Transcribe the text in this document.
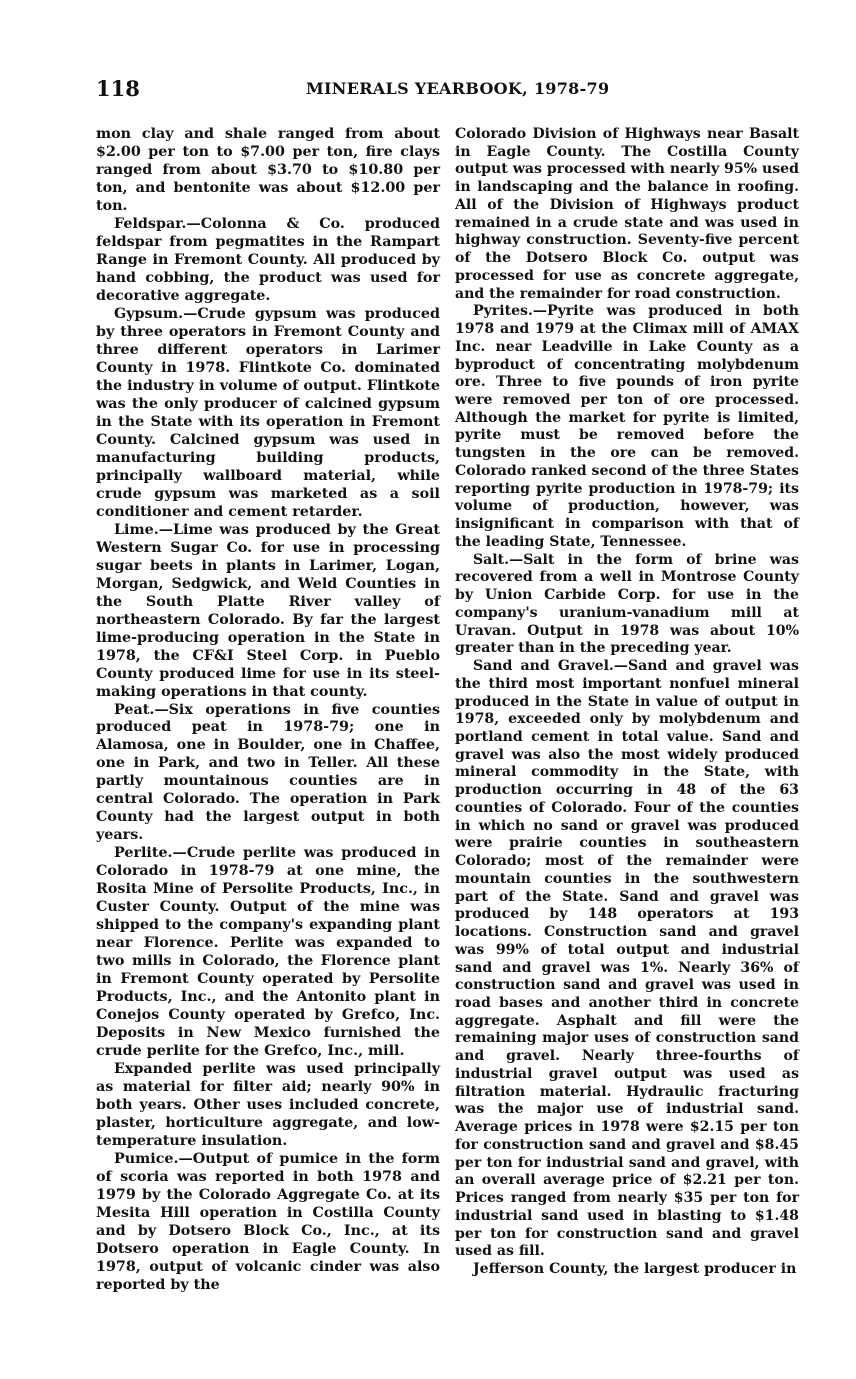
118	MINERALS YEARBOOK, 1978-79

mon clay and shale ranged from about $2.00 per ton to $7.00 per ton, fire clays ranged from about $3.70 to $10.80 per ton, and bentonite was about $12.00 per ton.

Feldspar.—Colonna & Co. produced feldspar from pegmatites in the Rampart Range in Fremont County. All produced by hand cobbing, the product was used for decorative aggregate.

Gypsum.—Crude gypsum was produced by three operators in Fremont County and three different operators in Larimer County in 1978. Flintkote Co. dominated the industry in volume of output. Flintkote was the only producer of calcined gypsum in the State with its operation in Fremont County. Calcined gypsum was used in manufacturing building products, principally wallboard material, while crude gypsum was marketed as a soil conditioner and cement retarder.

Lime.—Lime was produced by the Great Western Sugar Co. for use in processing sugar beets in plants in Larimer, Logan, Morgan, Sedgwick, and Weld Counties in the South Platte River valley of northeastern Colorado. By far the largest lime-producing operation in the State in 1978, the CF&I Steel Corp. in Pueblo County produced lime for use in its steel-making operations in that county.

Peat.—Six operations in five counties produced peat in 1978-79; one in Alamosa, one in Boulder, one in Chaffee, one in Park, and two in Teller. All these partly mountainous counties are in central Colorado. The operation in Park County had the largest output in both years.

Perlite.—Crude perlite was produced in Colorado in 1978-79 at one mine, the Rosita Mine of Persolite Products, Inc., in Custer County. Output of the mine was shipped to the company's expanding plant near Florence. Perlite was expanded to two mills in Colorado, the Florence plant in Fremont County operated by Persolite Products, Inc., and the Antonito plant in Conejos County operated by Grefco, Inc. Deposits in New Mexico furnished the crude perlite for the Grefco, Inc., mill.

Expanded perlite was used principally as material for filter aid; nearly 90% in both years. Other uses included concrete, plaster, horticulture aggregate, and low-temperature insulation.

Pumice.—Output of pumice in the form of scoria was reported in both 1978 and 1979 by the Colorado Aggregate Co. at its Mesita Hill operation in Costilla County and by Dotsero Block Co., Inc., at its Dotsero operation in Eagle County. In 1978, output of volcanic cinder was also reported by the

Colorado Division of Highways near Basalt in Eagle County. The Costilla County output was processed with nearly 95% used in landscaping and the balance in roofing. All of the Division of Highways product remained in a crude state and was used in highway construction. Seventy-five percent of the Dotsero Block Co. output was processed for use as concrete aggregate, and the remainder for road construction.

Pyrites.—Pyrite was produced in both 1978 and 1979 at the Climax mill of AMAX Inc. near Leadville in Lake County as a byproduct of concentrating molybdenum ore. Three to five pounds of iron pyrite were removed per ton of ore processed. Although the market for pyrite is limited, pyrite must be removed before the tungsten in the ore can be removed. Colorado ranked second of the three States reporting pyrite production in 1978-79; its volume of production, however, was insignificant in comparison with that of the leading State, Tennessee.

Salt.—Salt in the form of brine was recovered from a well in Montrose County by Union Carbide Corp. for use in the company's uranium-vanadium mill at Uravan. Output in 1978 was about 10% greater than in the preceding year.

Sand and Gravel.—Sand and gravel was the third most important nonfuel mineral produced in the State in value of output in 1978, exceeded only by molybdenum and portland cement in total value. Sand and gravel was also the most widely produced mineral commodity in the State, with production occurring in 48 of the 63 counties of Colorado. Four of the counties in which no sand or gravel was produced were prairie counties in southeastern Colorado; most of the remainder were mountain counties in the southwestern part of the State. Sand and gravel was produced by 148 operators at 193 locations. Construction sand and gravel was 99% of total output and industrial sand and gravel was 1%. Nearly 36% of construction sand and gravel was used in road bases and another third in concrete aggregate. Asphalt and fill were the remaining major uses of construction sand and gravel. Nearly three-fourths of industrial gravel output was used as filtration material. Hydraulic fracturing was the major use of industrial sand. Average prices in 1978 were $2.15 per ton for construction sand and gravel and $8.45 per ton for industrial sand and gravel, with an overall average price of $2.21 per ton. Prices ranged from nearly $35 per ton for industrial sand used in blasting to $1.48 per ton for construction sand and gravel used as fill.

Jefferson County, the largest producer in
